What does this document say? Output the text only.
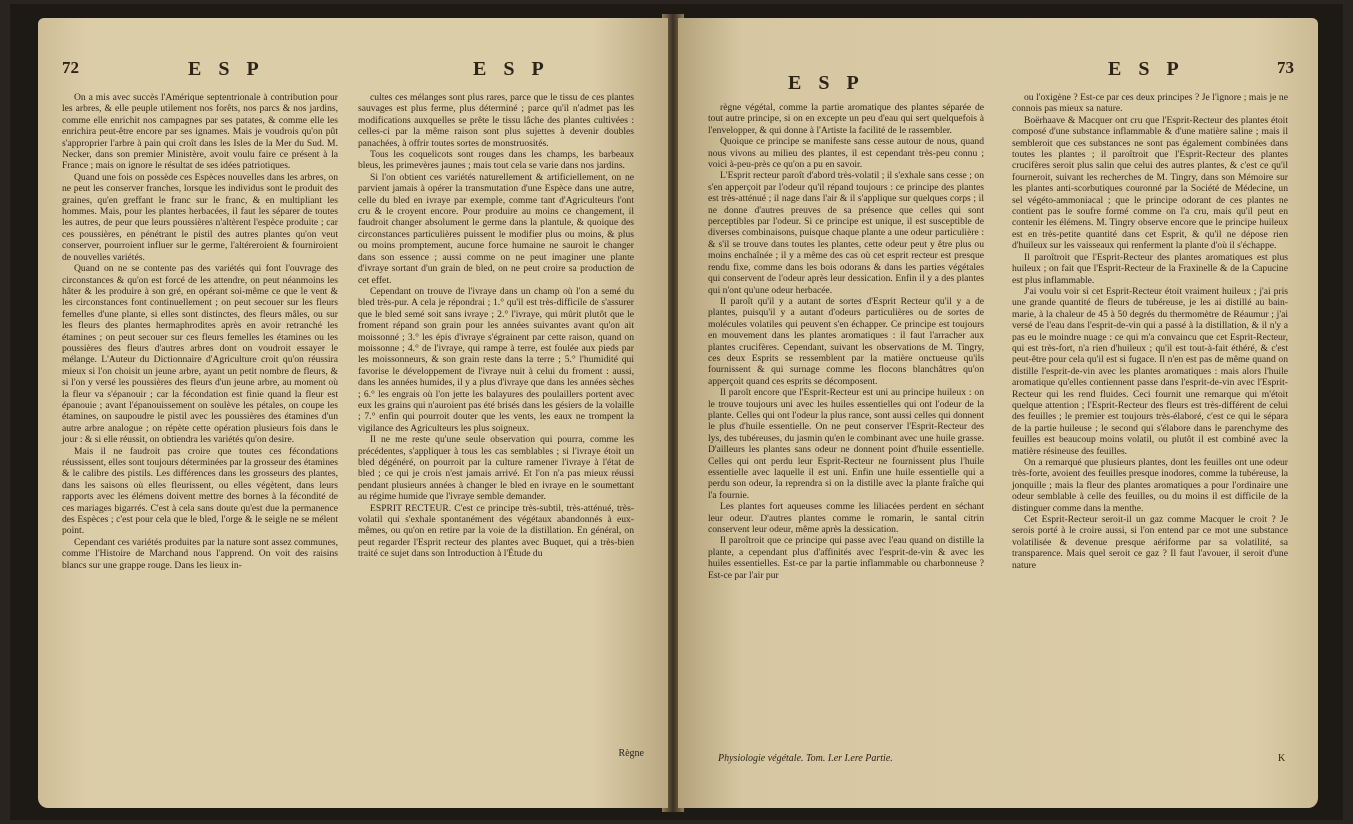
72	E S P	E S P

On a mis avec succès l'Amérique septentrionale à contribution pour les arbres, & elle peuple utilement nos forêts, nos parcs & nos jardins, comme elle enrichit nos campagnes par ses patates, & comme elle les enrichira peut-être encore par ses ignames. Mais je voudrois qu'on pût s'approprier l'arbre à pain qui croît dans les Isles de la Mer du Sud. M. Necker, dans son premier Ministère, avoit voulu faire ce présent à la France ; mais on ignore le résultat de ses idées patriotiques.

Quand une fois on possède ces Espèces nouvelles dans les arbres, on ne peut les conserver franches, lorsque les individus sont le produit des graines, qu'en greffant le franc sur le franc, & en multipliant les hommes. Mais, pour les plantes herbacées, il faut les séparer de toutes les autres, de peur que leurs poussières n'altèrent l'espèce produite ; car ces poussières, en pénétrant le pistil des autres plantes qu'on veut conserver, pourroient influer sur le germe, l'altéreroient & fourniroient de nouvelles variétés.

Quand on ne se contente pas des variétés qui font l'ouvrage des circonstances & qu'on est forcé de les attendre, on peut néanmoins les hâter & les produire à son gré, en opérant soi-même ce que le vent & les circonstances font continuellement ; on peut secouer sur les fleurs femelles d'une plante, si elles sont distinctes, des fleurs mâles, ou sur les fleurs des plantes hermaphrodites après en avoir retranché les étamines ; on peut secouer sur ces fleurs femelles les étamines ou les poussières des fleurs d'autres arbres dont on voudroit essayer le mélange. L'Auteur du Dictionnaire d'Agriculture croit qu'on réussira mieux si l'on choisit un jeune arbre, ayant un petit nombre de fleurs, & si l'on y versé les poussières des fleurs d'un jeune arbre, au moment où la fleur va s'épanouir ; car la fécondation est finie quand la fleur est épanouie ; avant l'épanouissement on soulève les pétales, on coupe les étamines, on saupoudre le pistil avec les poussières des étamines d'un autre arbre analogue ; on répète cette opération plusieurs fois dans le jour : & si elle réussit, on obtiendra les variétés qu'on desire.

Mais il ne faudroit pas croire que toutes ces fécondations réussissent, elles sont toujours déterminées par la grosseur des étamines & le calibre des pistils. Les différences dans les grosseurs des plantes, dans les saisons où elles fleurissent, ou elles végètent, dans leurs rapports avec les élémens doivent mettre des bornes à la fécondité de ces mariages bigarrés. C'est à cela sans doute qu'est due la permanence des Espèces ; c'est pour cela que le bled, l'orge & le seigle ne se mélent point.

Cependant ces variétés produites par la nature sont assez communes, comme l'Histoire de Marchand nous l'apprend. On voit des raisins blancs sur une grappe rouge. Dans les lieux in-

cultes ces mélanges sont plus rares, parce que le tissu de ces plantes sauvages est plus ferme, plus déterminé ; parce qu'il n'admet pas les modifications auxquelles se prête le tissu lâche des plantes cultivées : celles-ci par la même raison sont plus sujettes à devenir doubles panachées, à offrir toutes sortes de monstruosités.

Tous les coquelicots sont rouges dans les champs, les barbeaux bleus, les primevères jaunes ; mais tout cela se varie dans nos jardins.

Si l'on obtient ces variétés naturellement & artificiellement, on ne parvient jamais à opérer la transmutation d'une Espèce dans une autre, celle du bled en ivraye par exemple, comme tant d'Agriculteurs l'ont cru & le croyent encore. Pour produire au moins ce changement, il faudroit changer absolument le germe dans la plantule, & quoique des circonstances particulières puissent le modifier plus ou moins, & plus ou moins promptement, aucune force humaine ne sauroit le changer dans son essence ; aussi comme on ne peut imaginer une plante d'ivraye sortant d'un grain de bled, on ne peut croire sa production de cet effet.

Cependant on trouve de l'ivraye dans un champ où l'on a semé du bled très-pur. A cela je répondrai ; 1.° qu'il est très-difficile de s'assurer que le bled semé soit sans ivraye ; 2.° l'ivraye, qui mûrit plutôt que le froment répand son grain pour les années suivantes avant qu'on ait moissonné ; 3.° les épis d'ivraye s'égrainent par cette raison, quand on moissonne ; 4.° de l'ivraye, qui rampe à terre, est foulée aux pieds par les moissonneurs, & son grain reste dans la terre ; 5.° l'humidité qui favorise le développement de l'ivraye nuit à celui du froment : aussi, dans les années humides, il y a plus d'ivraye que dans les années sèches ; 6.° les engrais où l'on jette les balayures des poulaillers portent avec eux les grains qui n'auroient pas été brisés dans les gésiers de la volaille ; 7.° enfin qui pourroit douter que les vents, les eaux ne trompent la vigilance des Agriculteurs les plus soigneux.

Il ne me reste qu'une seule observation qui pourra, comme les précédentes, s'appliquer à tous les cas semblables ; si l'ivraye étoit un bled dégénéré, on pourroit par la culture ramener l'ivraye à l'état de bled ; ce qui je crois n'est jamais arrivé. Et l'on n'a pas mieux réussi pendant plusieurs années à changer le bled en ivraye en le soumettant au régime humide que l'ivraye semble demander.

ESPRIT RECTEUR. C'est ce principe très-subtil, très-atténué, très-volatil qui s'exhale spontanément des végétaux abandonnés à eux-mêmes, ou qu'on en retire par la voie de la distillation. En général, on peut regarder l'Esprit recteur des plantes avec Buquet, qui a très-bien traité ce sujet dans son Introduction à l'Étude du

Règne
E S P
E S P	73

règne végétal, comme la partie aromatique des plantes séparée de tout autre principe, si on en excepte un peu d'eau qui sert quelquefois à l'envelopper, & qui donne à l'Artiste la facilité de le rassembler.

Quoique ce principe se manifeste sans cesse autour de nous, quand nous vivons au milieu des plantes, il est cependant très-peu connu ; voici à-peu-près ce qu'on a pu en savoir.

L'Esprit recteur paroît d'abord très-volatil ; il s'exhale sans cesse ; on s'en apperçoit par l'odeur qu'il répand toujours : ce principe des plantes est très-atténué ; il nage dans l'air & il s'applique sur quelques corps ; il ne donne d'autres preuves de sa présence que celles qui sont perceptibles par l'odeur. Si ce principe est unique, il est susceptible de diverses combinaisons, puisque chaque plante a une odeur particulière : & s'il se trouve dans toutes les plantes, cette odeur peut y être plus ou moins enchaînée ; il y a même des cas où cet esprit recteur est presque rendu fixe, comme dans les bois odorans & dans les parties végétales qui conservent de l'odeur après leur dessication. Enfin il y a des plantes qui n'ont qu'une odeur herbacée.

Il paroît qu'il y a autant de sortes d'Esprit Recteur qu'il y a de plantes, puisqu'il y a autant d'odeurs particulières ou de sortes de molécules volatiles qui peuvent s'en échapper. Ce principe est toujours en mouvement dans les plantes aromatiques : il faut l'arracher aux plantes crucifères. Cependant, suivant les observations de M. Tingry, ces deux Esprits se ressemblent par la matière onctueuse qu'ils fournissent & qui surnage comme les flocons blanchâtres qu'on apperçoit quand ces esprits se décomposent.

Il paroît encore que l'Esprit-Recteur est uni au principe huileux : on le trouve toujours uni avec les huiles essentielles qui ont l'odeur de la plante. Celles qui ont l'odeur la plus rance, sont aussi celles qui donnent le plus d'huile essentielle. On ne peut conserver l'Esprit-Recteur des lys, des tubéreuses, du jasmin qu'en le combinant avec une huile grasse. D'ailleurs les plantes sans odeur ne donnent point d'huile essentielle. Celles qui ont perdu leur Esprit-Recteur ne fournissent plus l'huile essentielle avec laquelle il est uni. Enfin une huile essentielle qui a perdu son odeur, la reprendra si on la distille avec la plante fraîche qui l'a fournie.

Les plantes fort aqueuses comme les liliacées perdent en séchant leur odeur. D'autres plantes comme le romarin, le santal citrin conservent leur odeur, même après la dessication.

Il paroîtroit que ce principe qui passe avec l'eau quand on distille la plante, a cependant plus d'affinités avec l'esprit-de-vin & avec les huiles essentielles. Est-ce par la partie inflammable ou charbonneuse ? Est-ce par l'air pur

ou l'oxigène ? Est-ce par ces deux principes ? Je l'ignore ; mais je ne connois pas mieux sa nature.

Boërhaave & Macquer ont cru que l'Esprit-Recteur des plantes étoit composé d'une substance inflammable & d'une matière saline ; mais il sembleroit que ces substances ne sont pas également combinées dans toutes les plantes ; il paroîtroit que l'Esprit-Recteur des plantes crucifères seroit plus salin que celui des autres plantes, & c'est ce qu'il fourneroit, suivant les recherches de M. Tingry, dans son Mémoire sur les plantes anti-scorbutiques couronné par la Société de Médecine, un sel végéto-ammoniacal ; que le principe odorant de ces plantes ne contient pas le soufre formé comme on l'a cru, mais qu'il peut en contenir les élémens. M. Tingry observe encore que le principe huileux est en très-petite quantité dans cet Esprit, & qu'il ne dépose rien d'huileux sur les vaisseaux qui renferment la plante d'où il s'échappe.

Il paroîtroit que l'Esprit-Recteur des plantes aromatiques est plus huileux ; on fait que l'Esprit-Recteur de la Fraxinelle & de la Capucine est plus inflammable.

J'ai voulu voir si cet Esprit-Recteur étoit vraiment huileux ; j'ai pris une grande quantité de fleurs de tubéreuse, je les ai distillé au bain-marie, à la chaleur de 45 à 50 degrés du thermomètre de Réaumur ; j'ai versé de l'eau dans l'esprit-de-vin qui a passé à la distillation, & il n'y a pas eu le moindre nuage : ce qui m'a convaincu que cet Esprit-Recteur, qui est très-fort, n'a rien d'huileux ; qu'il est tout-à-fait éthéré, & c'est peut-être pour cela qu'il est si fugace. Il n'en est pas de même quand on distille l'esprit-de-vin avec les plantes aromatiques : mais alors l'huile aromatique qu'elles contiennent passe dans l'esprit-de-vin avec l'Esprit-Recteur qui les rend fluides. Ceci fournit une remarque qui m'étoit quelque attention ; l'Esprit-Recteur des fleurs est très-différent de celui des feuilles ; le premier est toujours très-élaboré, c'est ce qui le sépara de la partie huileuse ; le second qui s'élabore dans le parenchyme des feuilles est beaucoup moins volatil, ou plutôt il est combiné avec la matière résineuse des feuilles.

On a remarqué que plusieurs plantes, dont les feuilles ont une odeur très-forte, avoient des feuilles presque inodores, comme la tubéreuse, la jonquille ; mais la fleur des plantes aromatiques a pour l'ordinaire une odeur semblable à celle des feuilles, ou du moins il est difficile de la distinguer comme dans la menthe.

Cet Esprit-Recteur seroit-il un gaz comme Macquer le croit ? Je serois porté à le croire aussi, si l'on entend par ce mot une substance volatilisée & devenue presque aériforme par sa volatilité, sa transparence. Mais quel seroit ce gaz ? Il faut l'avouer, il seroit d'une nature

Physiologie végétale. Tom. I.er I.ere Partie.	K
